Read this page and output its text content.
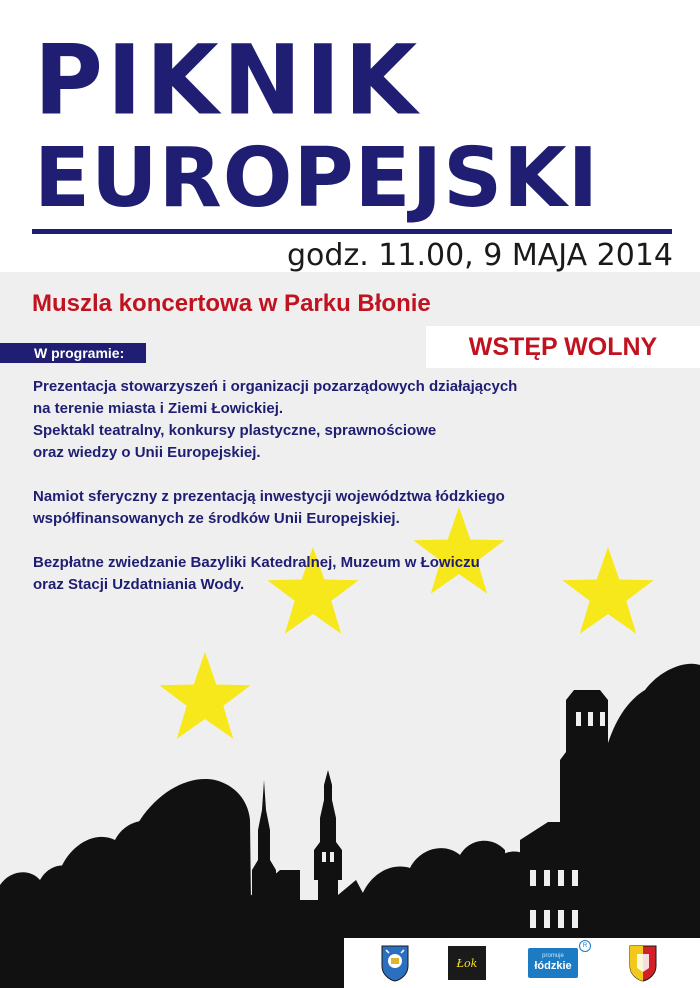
PIKNIK
EUROPEJSKI
godz. 11.00, 9 MAJA 2014
Muszla koncertowa w Parku Błonie
WSTĘP WOLNY
W programie:

Prezentacja stowarzyszeń i organizacji pozarządowych działających
na terenie miasta i Ziemi Łowickiej.
Spektakl teatralny, konkursy plastyczne, sprawnościowe
oraz wiedzy o Unii Europejskiej.

Namiot sferyczny z prezentacją inwestycji województwa łódzkiego
współfinansowanych ze środków Unii Europejskiej.

Bezpłatne zwiedzanie Bazyliki Katedralnej, Muzeum w Łowiczu
oraz Stacji Uzdatniania Wody.

Łok
promuje
łódzkie
R
